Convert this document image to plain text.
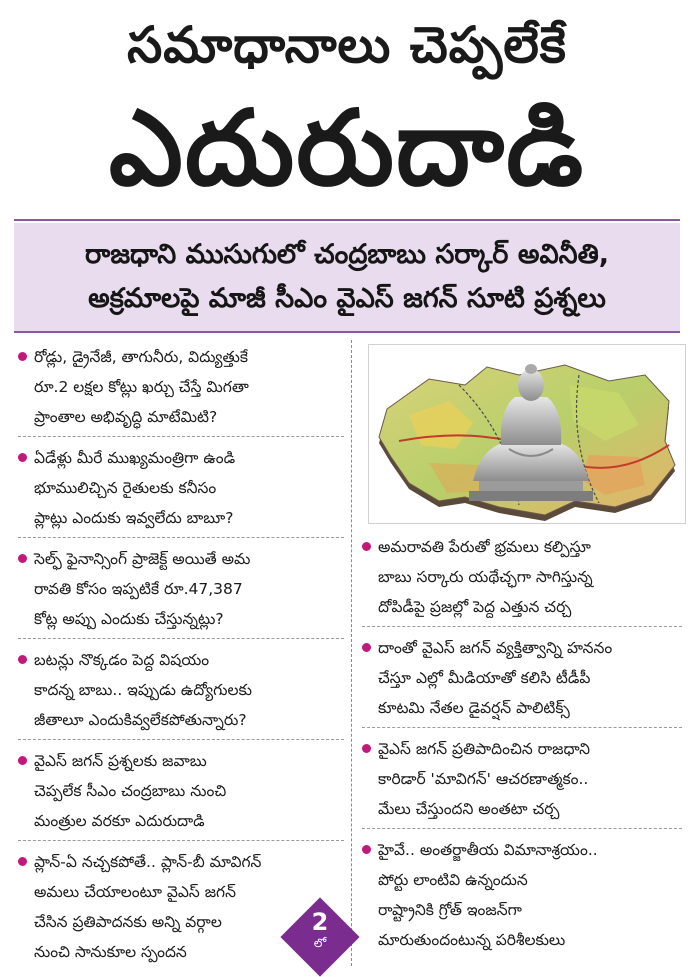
సమాధానాలు చెప్పలేకే
ఎదురుదాడి
రాజధాని ముసుగులో చంద్రబాబు సర్కార్ అవినీతి,
అక్రమాలపై మాజీ సీఎం వైఎస్ జగన్ సూటి ప్రశ్నలు
రోడ్లు, డ్రైనేజీ, తాగునీరు, విద్యుత్తుకే
రూ.2 లక్షల కోట్లు ఖర్చు చేస్తే మిగతా
ప్రాంతాల అభివృద్ధి మాటేమిటి?
ఏడేళ్లు మీరే ముఖ్యమంత్రిగా ఉండి
భూములిచ్చిన రైతులకు కనీసం
ప్లాట్లు ఎందుకు ఇవ్వలేదు బాబూ?
సెల్ఫ్ ఫైనాన్సింగ్ ప్రాజెక్ట్ అయితే అమ
రావతి కోసం ఇప్పటికే రూ.47,387
కోట్ల అప్పు ఎందుకు చేస్తున్నట్లు?
బటన్లు నొక్కడం పెద్ద విషయం
కాదన్న బాబు.. ఇప్పుడు ఉద్యోగులకు
జీతాలూ ఎందుకివ్వలేకపోతున్నారు?
వైఎస్ జగన్ ప్రశ్నలకు జవాబు
చెప్పలేక సీఎం చంద్రబాబు నుంచి
మంత్రుల వరకూ ఎదురుదాడి
ప్లాన్-ఏ నచ్చకపోతే.. ప్లాన్-బీ మావిగన్
అమలు చేయాలంటూ వైఎస్ జగన్
చేసిన ప్రతిపాదనకు అన్ని వర్గాల
నుంచి సానుకూల స్పందన
అమరావతి పేరుతో భ్రమలు కల్పిస్తూ
బాబు సర్కారు యథేచ్ఛగా సాగిస్తున్న
దోపిడీపై ప్రజల్లో పెద్ద ఎత్తున చర్చ
దాంతో వైఎస్ జగన్ వ్యక్తిత్వాన్ని హననం
చేస్తూ ఎల్లో మీడియాతో కలిసి టీడీపీ
కూటమి నేతల డైవర్షన్ పాలిటిక్స్
వైఎస్ జగన్ ప్రతిపాదించిన రాజధాని
కారిడార్ 'మావిగన్' ఆచరణాత్మకం..
మేలు చేస్తుందని అంతటా చర్చ
హైవే.. అంతర్జాతీయ విమానాశ్రయం..
పోర్టు లాంటివి ఉన్నందున
రాష్ట్రానికి గ్రోత్ ఇంజన్‌గా
మారుతుందంటున్న పరిశీలకులు
2
లో
